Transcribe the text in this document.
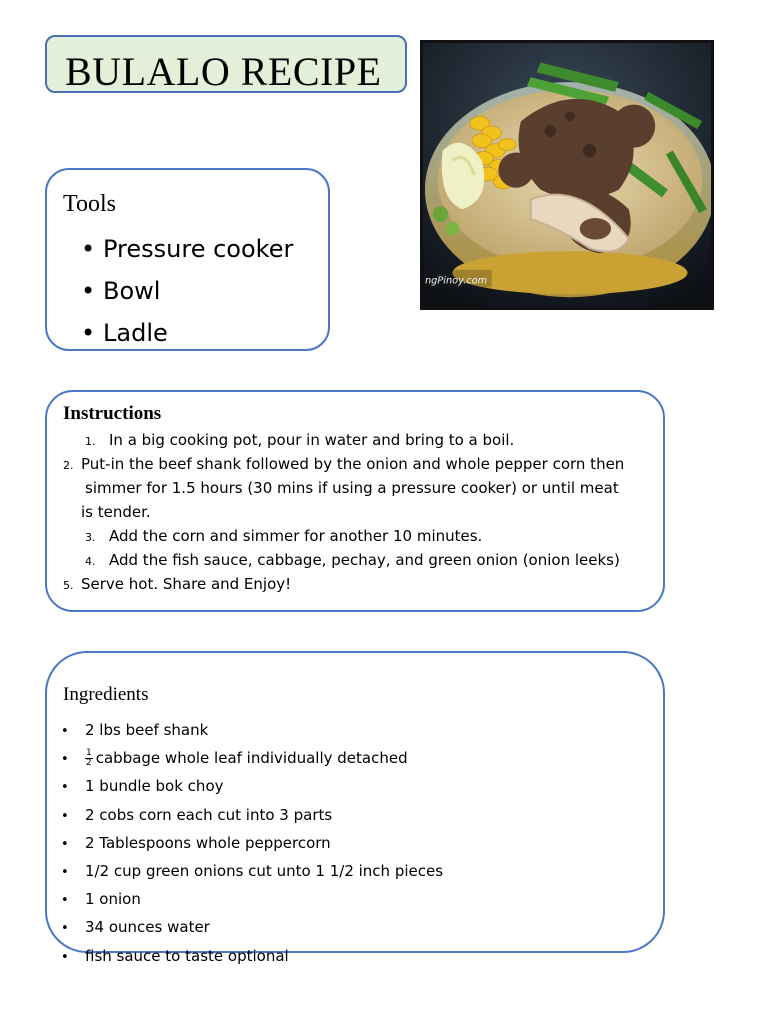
BULALO RECIPE
ngPinoy.com
Tools
• Pressure cooker
• Bowl
• Ladle
Instructions
1. In a big cooking pot, pour in water and bring to a boil.
2. Put-in the beef shank followed by the onion and whole pepper corn then
simmer for 1.5 hours (30 mins if using a pressure cooker) or until meat
is tender.
3. Add the corn and simmer for another 10 minutes.
4. Add the fish sauce, cabbage, pechay, and green onion (onion leeks)
5. Serve hot. Share and Enjoy!
Ingredients
• 2 lbs beef shank
• $\frac{1}{2}$ cabbage whole leaf individually detached
• 1 bundle bok choy
• 2 cobs corn each cut into 3 parts
• 2 Tablespoons whole peppercorn
• 1/2 cup green onions cut unto 1 1/2 inch pieces
• 1 onion
• 34 ounces water
• fish sauce to taste optional
